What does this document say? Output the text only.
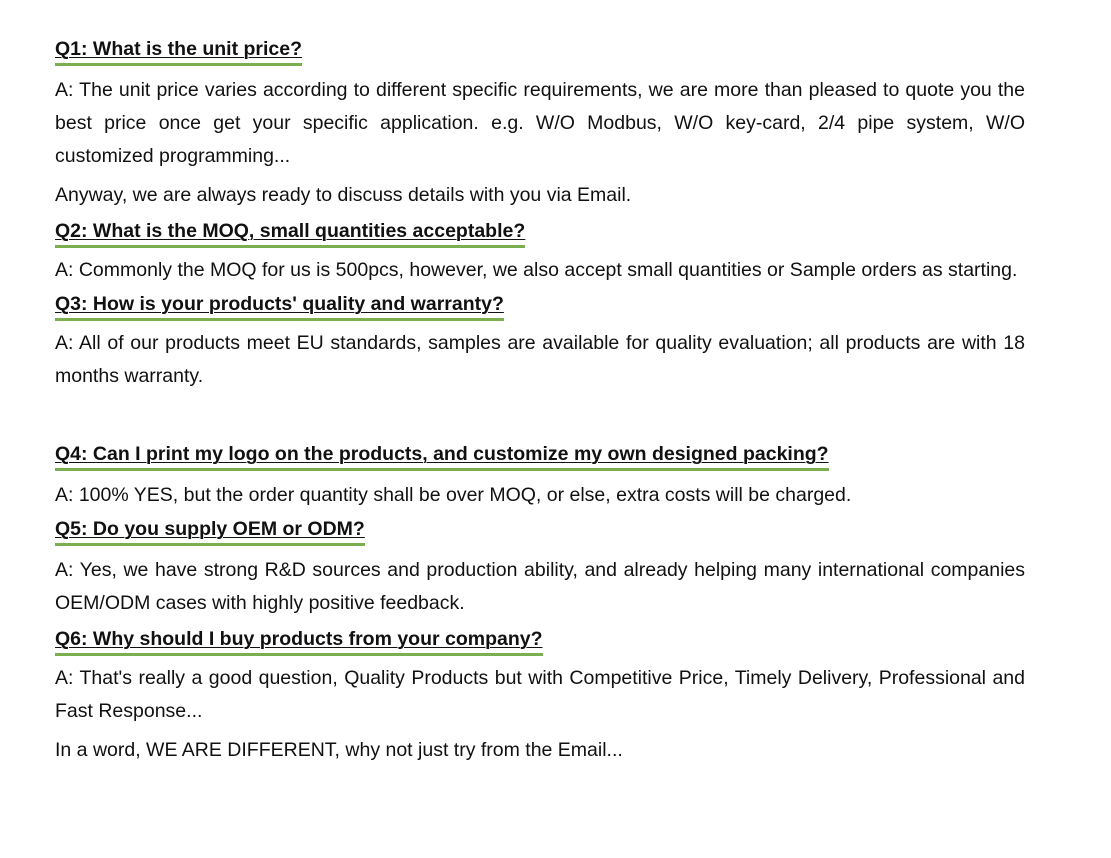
Q1: What is the unit price?

A: The unit price varies according to different specific requirements, we are more than pleased to quote you the best price once get your specific application. e.g. W/O Modbus, W/O key-card, 2/4 pipe system, W/O customized programming...

Anyway, we are always ready to discuss details with you via Email.

Q2: What is the MOQ, small quantities acceptable?

A: Commonly the MOQ for us is 500pcs, however, we also accept small quantities or Sample orders as starting.

Q3: How is your products' quality and warranty?

A: All of our products meet EU standards, samples are available for quality evaluation; all products are with 18 months warranty.

Q4: Can I print my logo on the products, and customize my own designed packing?

A: 100% YES, but the order quantity shall be over MOQ, or else, extra costs will be charged.

Q5: Do you supply OEM or ODM?

A: Yes, we have strong R&D sources and production ability, and already helping many international companies OEM/ODM cases with highly positive feedback.

Q6: Why should I buy products from your company?

A: That's really a good question, Quality Products but with Competitive Price, Timely Delivery, Professional and Fast Response...

In a word, WE ARE DIFFERENT, why not just try from the Email...
